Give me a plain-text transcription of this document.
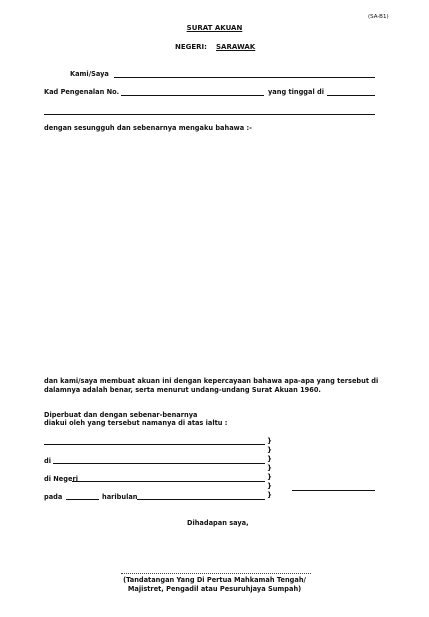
(SA-B1)
SURAT AKUAN
NEGERI:	SARAWAK
Kami/Saya
Kad Pengenalan No.	yang tinggal di
dengan sesungguh dan sebenarnya mengaku bahawa :-
dan kami/saya membuat akuan ini dengan kepercayaan bahawa apa-apa yang tersebut di
dalamnya adalah benar, serta menurut undang-undang Surat Akuan 1960.
Diperbuat dan dengan sebenar-benarnya
diakui oleh yang tersebut namanya di atas ialtu :
di
di Negeri
pada	haribulan
}
}
}
}
}
}
}
Dihadapan saya,
(Tandatangan Yang Di Pertua Mahkamah Tengah/
Majistret, Pengadil atau Pesuruhjaya Sumpah)
